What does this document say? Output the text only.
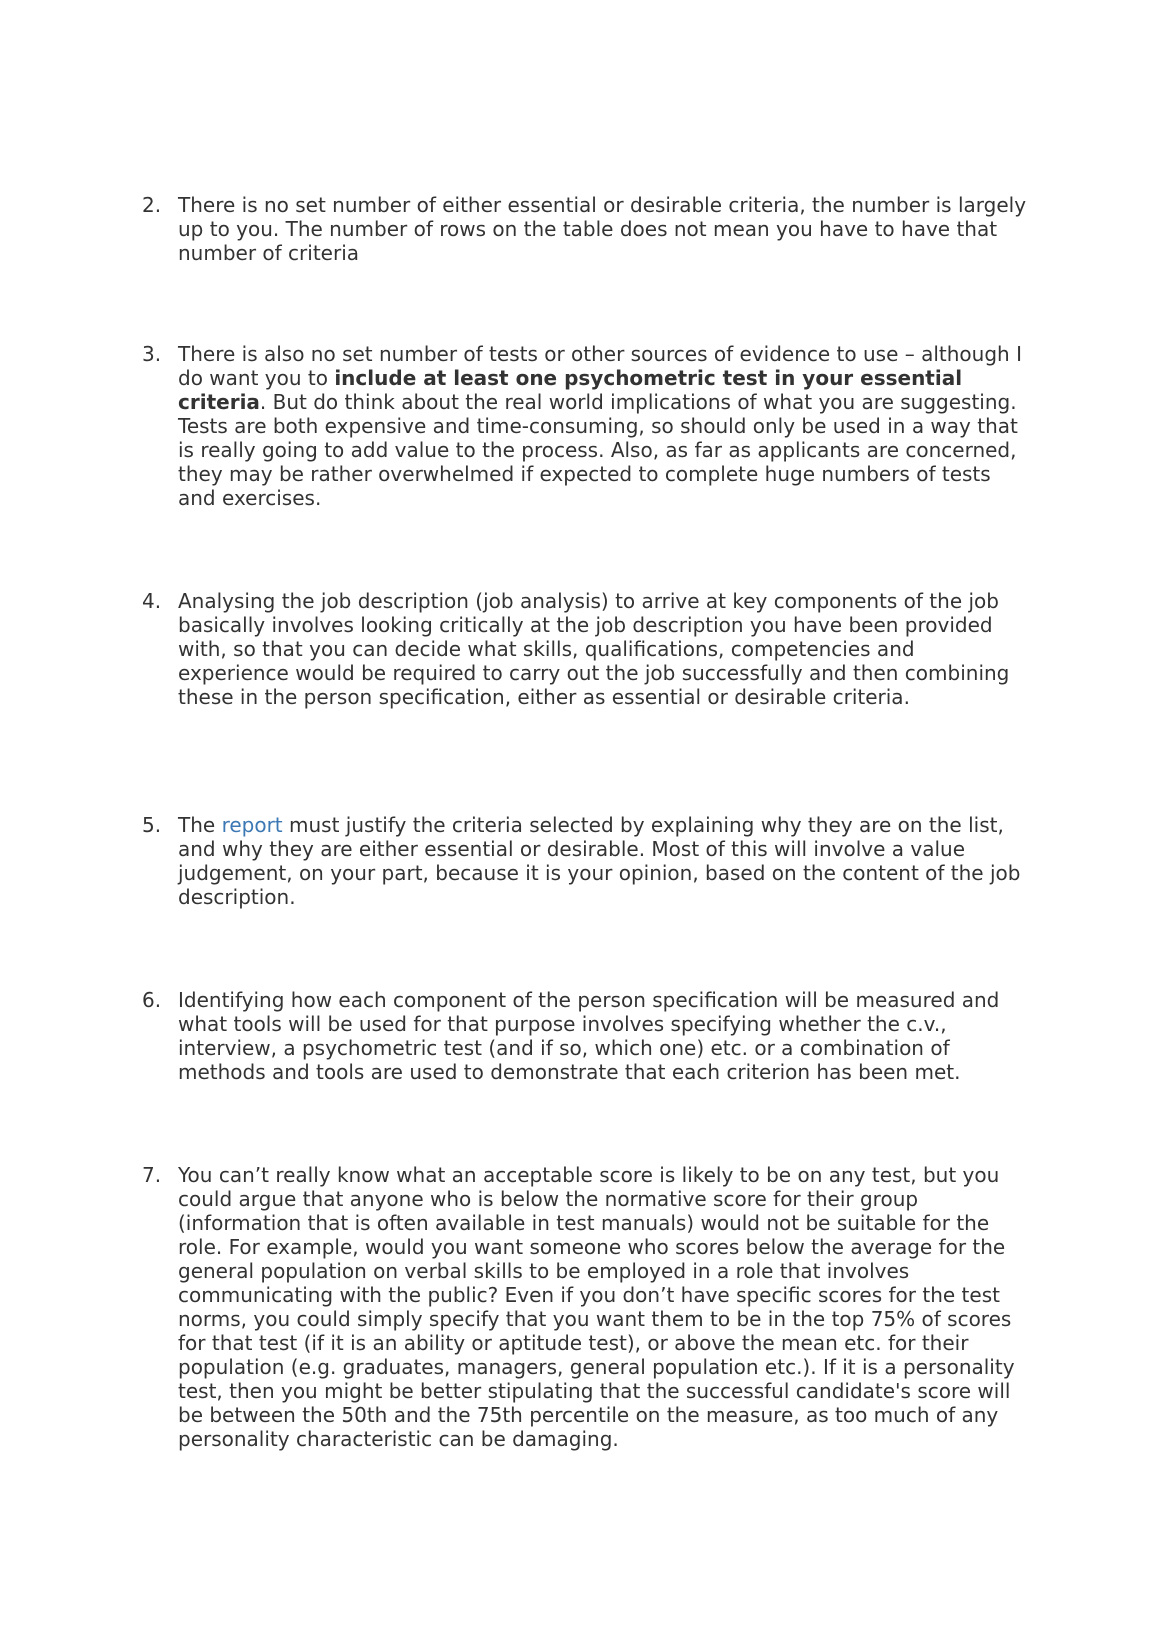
2. There is no set number of either essential or desirable criteria, the number is largely up to you. The number of rows on the table does not mean you have to have that number of criteria
3. There is also no set number of tests or other sources of evidence to use – although I do want you to include at least one psychometric test in your essential criteria. But do think about the real world implications of what you are suggesting. Tests are both expensive and time-consuming, so should only be used in a way that is really going to add value to the process. Also, as far as applicants are concerned, they may be rather overwhelmed if expected to complete huge numbers of tests and exercises.
4. Analysing the job description (job analysis) to arrive at key components of the job basically involves looking critically at the job description you have been provided with, so that you can decide what skills, qualifications, competencies and experience would be required to carry out the job successfully and then combining these in the person specification, either as essential or desirable criteria.
5. The report must justify the criteria selected by explaining why they are on the list, and why they are either essential or desirable. Most of this will involve a value judgement, on your part, because it is your opinion, based on the content of the job description.
6. Identifying how each component of the person specification will be measured and what tools will be used for that purpose involves specifying whether the c.v., interview, a psychometric test (and if so, which one) etc. or a combination of methods and tools are used to demonstrate that each criterion has been met.
7. You can’t really know what an acceptable score is likely to be on any test, but you could argue that anyone who is below the normative score for their group (information that is often available in test manuals) would not be suitable for the role. For example, would you want someone who scores below the average for the general population on verbal skills to be employed in a role that involves communicating with the public? Even if you don’t have specific scores for the test norms, you could simply specify that you want them to be in the top 75% of scores for that test (if it is an ability or aptitude test), or above the mean etc. for their population (e.g. graduates, managers, general population etc.). If it is a personality test, then you might be better stipulating that the successful candidate's score will be between the 50th and the 75th percentile on the measure, as too much of any personality characteristic can be damaging.
